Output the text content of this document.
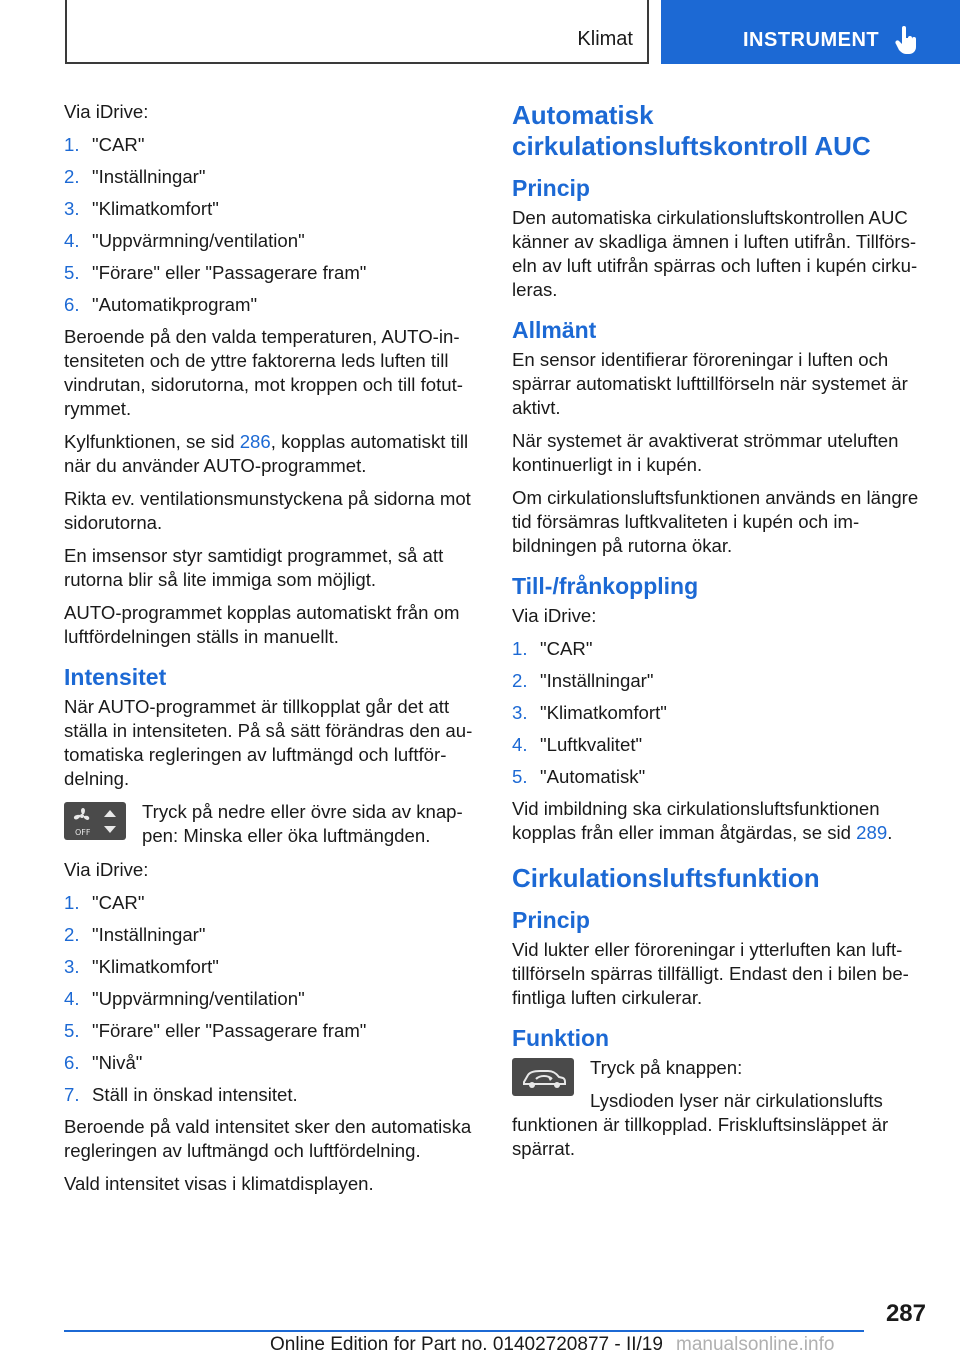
Klimat	INSTRUMENT

Via iDrive:

1. "CAR"
2. "Inställningar"
3. "Klimatkomfort"
4. "Uppvärmning/ventilation"
5. "Förare" eller "Passagerare fram"
6. "Automatikprogram"

Beroende på den valda temperaturen, AUTO-intensiteten och de yttre faktorerna leds luften till vindrutan, sidorutorna, mot kroppen och till fotutrymmet.

Kylfunktionen, se sid 286, kopplas automatiskt till när du använder AUTO-programmet.

Rikta ev. ventilationsmunstyckena på sidorna mot sidorutorna.

En imsensor styr samtidigt programmet, så att rutorna blir så lite immiga som möjligt.

AUTO-programmet kopplas automatiskt från om luftfördelningen ställs in manuellt.

Intensitet

När AUTO-programmet är tillkopplat går det att ställa in intensiteten. På så sätt förändras den automatiska regleringen av luftmängd och luftfördelning.

OFF
Tryck på nedre eller övre sida av knappen: Minska eller öka luftmängden.

Via iDrive:

1. "CAR"
2. "Inställningar"
3. "Klimatkomfort"
4. "Uppvärmning/ventilation"
5. "Förare" eller "Passagerare fram"
6. "Nivå"
7. Ställ in önskad intensitet.

Beroende på vald intensitet sker den automatiska regleringen av luftmängd och luftfördelning.

Vald intensitet visas i klimatdisplayen.

Automatisk cirkulationsluftskontroll AUC
Princip

Den automatiska cirkulationsluftskontrollen AUC känner av skadliga ämnen i luften utifrån. Tillförseln av luft utifrån spärras och luften i kupén cirkuleras.

Allmänt

En sensor identifierar föroreningar i luften och spärrar automatiskt lufttillförseln när systemet är aktivt.

När systemet är avaktiverat strömmar uteluften kontinuerligt in i kupén.

Om cirkulationsluftsfunktionen används en längre tid försämras luftkvaliteten i kupén och imbildningen på rutorna ökar.

Till-/frånkoppling

Via iDrive:

1. "CAR"
2. "Inställningar"
3. "Klimatkomfort"
4. "Luftkvalitet"
5. "Automatisk"

Vid imbildning ska cirkulationsluftsfunktionen kopplas från eller imman åtgärdas, se sid 289.

Cirkulationsluftsfunktion
Princip

Vid lukter eller föroreningar i ytterluften kan lufttillförseln spärras tillfälligt. Endast den i bilen befintliga luften cirkulerar.

Funktion

Tryck på knappen:

Lysdioden lyser när cirkulationslufts

funktionen är tillkopplad. Friskluftsinsläppet är spärrat.

287
Online Edition for Part no. 01402720877 - II/19 manualsonline.info
